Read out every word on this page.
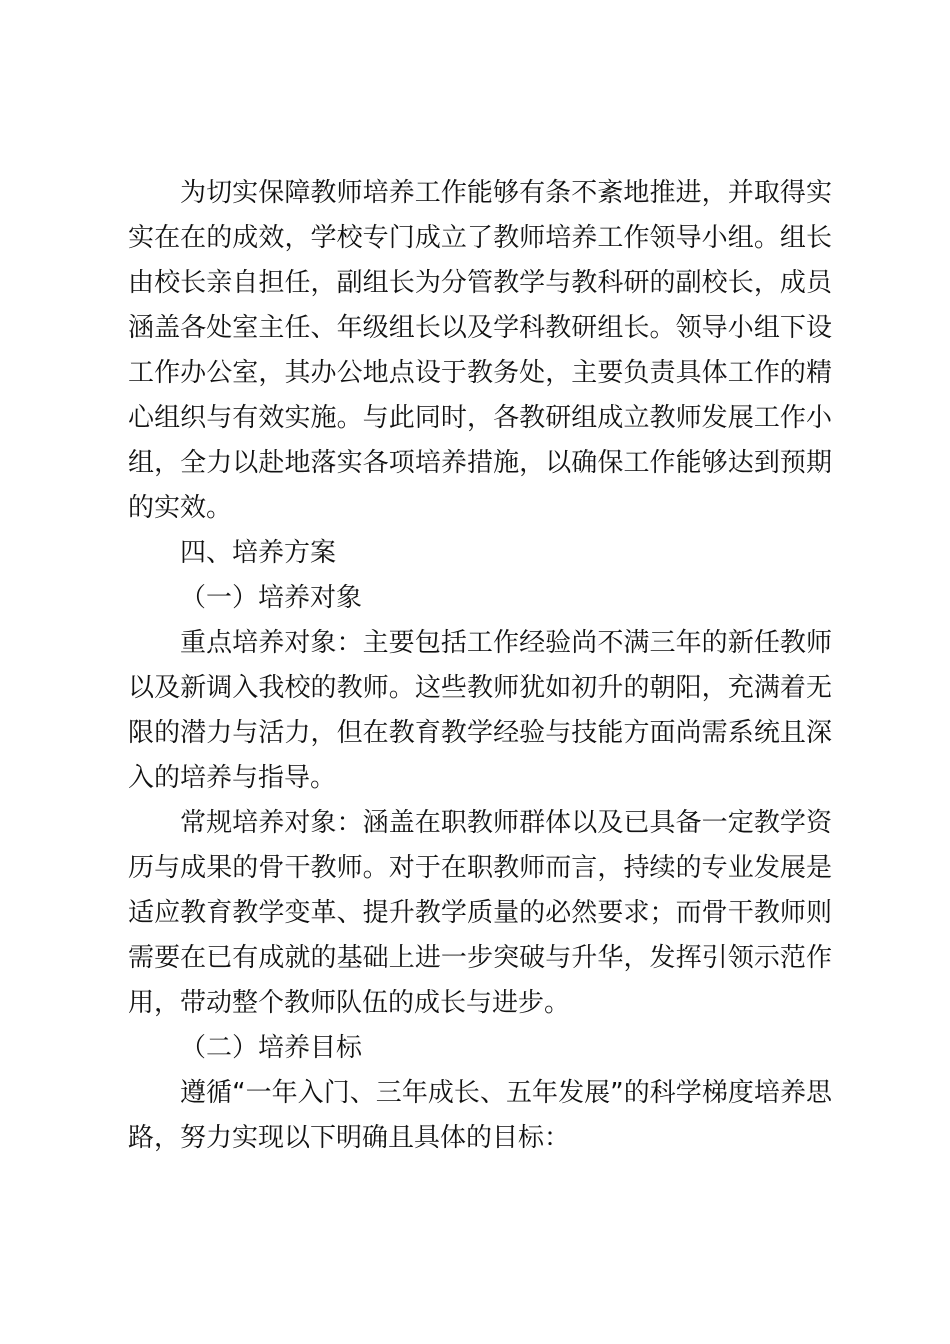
为切实保障教师培养工作能够有条不紊地推进，并取得实实在在的成效，学校专门成立了教师培养工作领导小组。组长由校长亲自担任，副组长为分管教学与教科研的副校长，成员涵盖各处室主任、年级组长以及学科教研组长。领导小组下设工作办公室，其办公地点设于教务处，主要负责具体工作的精心组织与有效实施。与此同时，各教研组成立教师发展工作小组，全力以赴地落实各项培养措施，以确保工作能够达到预期的实效。

四、培养方案

（一）培养对象

重点培养对象：主要包括工作经验尚不满三年的新任教师以及新调入我校的教师。这些教师犹如初升的朝阳，充满着无限的潜力与活力，但在教育教学经验与技能方面尚需系统且深入的培养与指导。

常规培养对象：涵盖在职教师群体以及已具备一定教学资历与成果的骨干教师。对于在职教师而言，持续的专业发展是适应教育教学变革、提升教学质量的必然要求；而骨干教师则需要在已有成就的基础上进一步突破与升华，发挥引领示范作用，带动整个教师队伍的成长与进步。

（二）培养目标

遵循“一年入门、三年成长、五年发展”的科学梯度培养思路，努力实现以下明确且具体的目标：
